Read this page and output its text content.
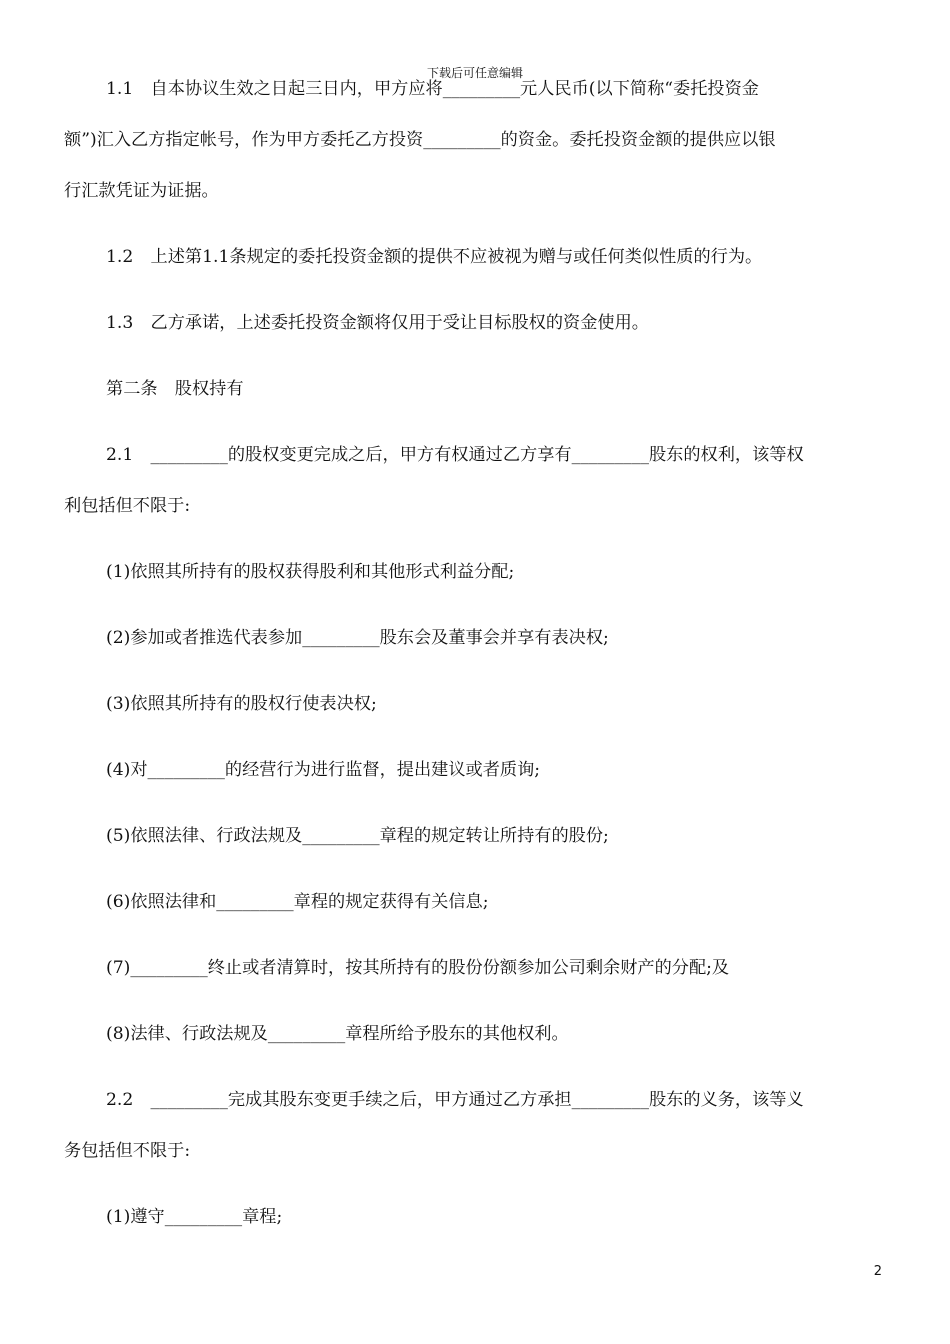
下载后可任意编辑
1.1　自本协议生效之日起三日内，甲方应将_________元人民币(以下简称“委托投资金
额”)汇入乙方指定帐号，作为甲方委托乙方投资_________的资金。委托投资金额的提供应以银
行汇款凭证为证据。
1.2　上述第1.1条规定的委托投资金额的提供不应被视为赠与或任何类似性质的行为。
1.3　乙方承诺，上述委托投资金额将仅用于受让目标股权的资金使用。
第二条　股权持有
2.1　_________的股权变更完成之后，甲方有权通过乙方享有_________股东的权利，该等权
利包括但不限于:
(1)依照其所持有的股权获得股利和其他形式利益分配;
(2)参加或者推选代表参加_________股东会及董事会并享有表决权;
(3)依照其所持有的股权行使表决权;
(4)对_________的经营行为进行监督，提出建议或者质询;
(5)依照法律、行政法规及_________章程的规定转让所持有的股份;
(6)依照法律和_________章程的规定获得有关信息;
(7)_________终止或者清算时，按其所持有的股份份额参加公司剩余财产的分配;及
(8)法律、行政法规及_________章程所给予股东的其他权利。
2.2　_________完成其股东变更手续之后，甲方通过乙方承担_________股东的义务，该等义
务包括但不限于:
(1)遵守_________章程;
2
